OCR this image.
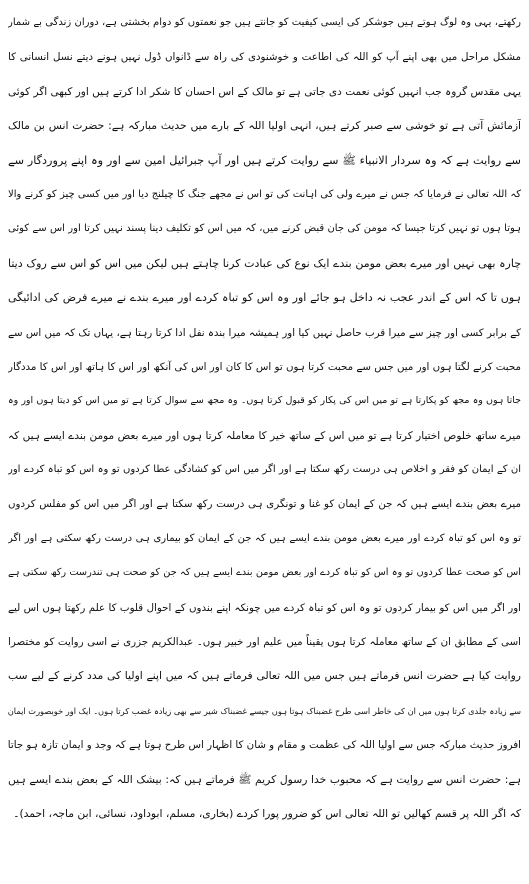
رکھتے، یہی وہ لوگ ہوتے ہیں جوشکر کی ایسی کیفیت کو جانتے ہیں جو نعمتوں کو دوام بخشتی ہے، دوران زندگی بے شمار
مشکل مراحل میں بھی اپنے آپ کو اللہ کی اطاعت و خوشنودی کی راہ سے ڈانواں ڈول نہیں ہونے دیتے نسل انسانی کا
یہی مقدس گروہ جب انہیں کوئی نعمت دی جاتی ہے تو مالک کے اس احسان کا شکر ادا کرتے ہیں اور کبھی اگر کوئی
آزمائش آتی ہے تو خوشی سے صبر کرتے ہیں، انہی اولیا اللہ کے بارے میں حدیث مبارکہ ہے: حضرت انس بن مالک
سے روایت ہے کہ وہ سردار الانبیاء ﷺ سے روایت کرتے ہیں اور آپ جبرائیل امین سے اور وہ اپنے پروردگار سے
کہ اللہ تعالی نے فرمایا کہ جس نے میرے ولی کی اہانت کی تو اس نے مجھے جنگ کا چیلنج دیا اور میں کسی چیز کو کرنے والا
ہوتا ہوں تو نہیں کرتا جیسا کہ مومن کی جان قبض کرنے میں، کہ میں اس کو تکلیف دینا پسند نہیں کرتا اور اس سے کوئی
چارہ بھی نہیں اور میرے بعض مومن بندے ایک نوع کی عبادت کرنا چاہتے ہیں لیکن میں اس کو اس سے روک دیتا
ہوں تا کہ اس کے اندر عجب نہ داخل ہو جائے اور وہ اس کو تباہ کردے اور میرے بندے نے میرے فرض کی ادائیگی
کے برابر کسی اور چیز سے میرا قرب حاصل نہیں کیا اور ہمیشہ میرا بندہ نفل ادا کرتا رہتا ہے، یہاں تک کہ میں اس سے
محبت کرنے لگتا ہوں اور میں جس سے محبت کرتا ہوں تو اس کا کان اور اس کی آنکھ اور اس کا ہاتھ اور اس کا مددگار
جاتا ہوں وہ مجھ کو پکارتا ہے تو میں اس کی پکار کو قبول کرتا ہوں۔ وہ مجھ سے سوال کرتا ہے تو میں اس کو دیتا ہوں اور وہ
میرے ساتھ خلوص اختیار کرتا ہے تو میں اس کے ساتھ خیر کا معاملہ کرتا ہوں اور میرے بعض مومن بندے ایسے ہیں کہ
ان کے ایمان کو فقر و اخلاص ہی درست رکھ سکتا ہے اور اگر میں اس کو کشادگی عطا کردوں تو وہ اس کو تباہ کردے اور
میرے بعض بندے ایسے ہیں کہ جن کے ایمان کو غنا و تونگری ہی درست رکھ سکتا ہے اور اگر میں اس کو مفلس کردوں
تو وہ اس کو تباہ کردے اور میرے بعض مومن بندے ایسے ہیں کہ جن کے ایمان کو بیماری ہی درست رکھ سکتی ہے اور اگر
اس کو صحت عطا کردوں تو وہ اس کو تباہ کردے اور بعض مومن بندے ایسے ہیں کہ جن کو صحت ہی تندرست رکھ سکتی ہے
اور اگر میں اس کو بیمار کردوں تو وہ اس کو تباہ کردے میں چونکہ اپنے بندوں کے احوال قلوب کا علم رکھتا ہوں اس لیے
اسی کے مطابق ان کے ساتھ معاملہ کرتا ہوں یقیناً میں علیم اور خبیر ہوں۔ عبدالکریم جزری نے اسی روایت کو مختصرا
روایت کیا ہے حضرت انس فرماتے ہیں جس میں اللہ تعالی فرماتے ہیں کہ میں اپنے اولیا کی مدد کرنے کے لیے سب
سے زیادہ جلدی کرتا ہوں میں ان کی خاطر اسی طرح غضبناک ہوتا ہوں جیسے غضبناک شیر سے بھی زیادہ غضب کرتا ہوں۔ ایک اور خوبصورت ایمان
افروز حدیث مبارکہ جس سے اولیا اللہ کی عظمت و مقام و شان کا اظہار اس طرح ہوتا ہے کہ وجد و ایمان تازہ ہو جاتا
ہے: حضرت انس سے روایت ہے کہ محبوب خدا رسول کریم ﷺ فرماتے ہیں کہ: بیشک اللہ کے بعض بندے ایسے ہیں
کہ اگر اللہ پر قسم کھالیں تو اللہ تعالی اس کو ضرور پورا کردے (بخاری، مسلم، ابوداود، نسائی، ابن ماجہ، احمد)۔
